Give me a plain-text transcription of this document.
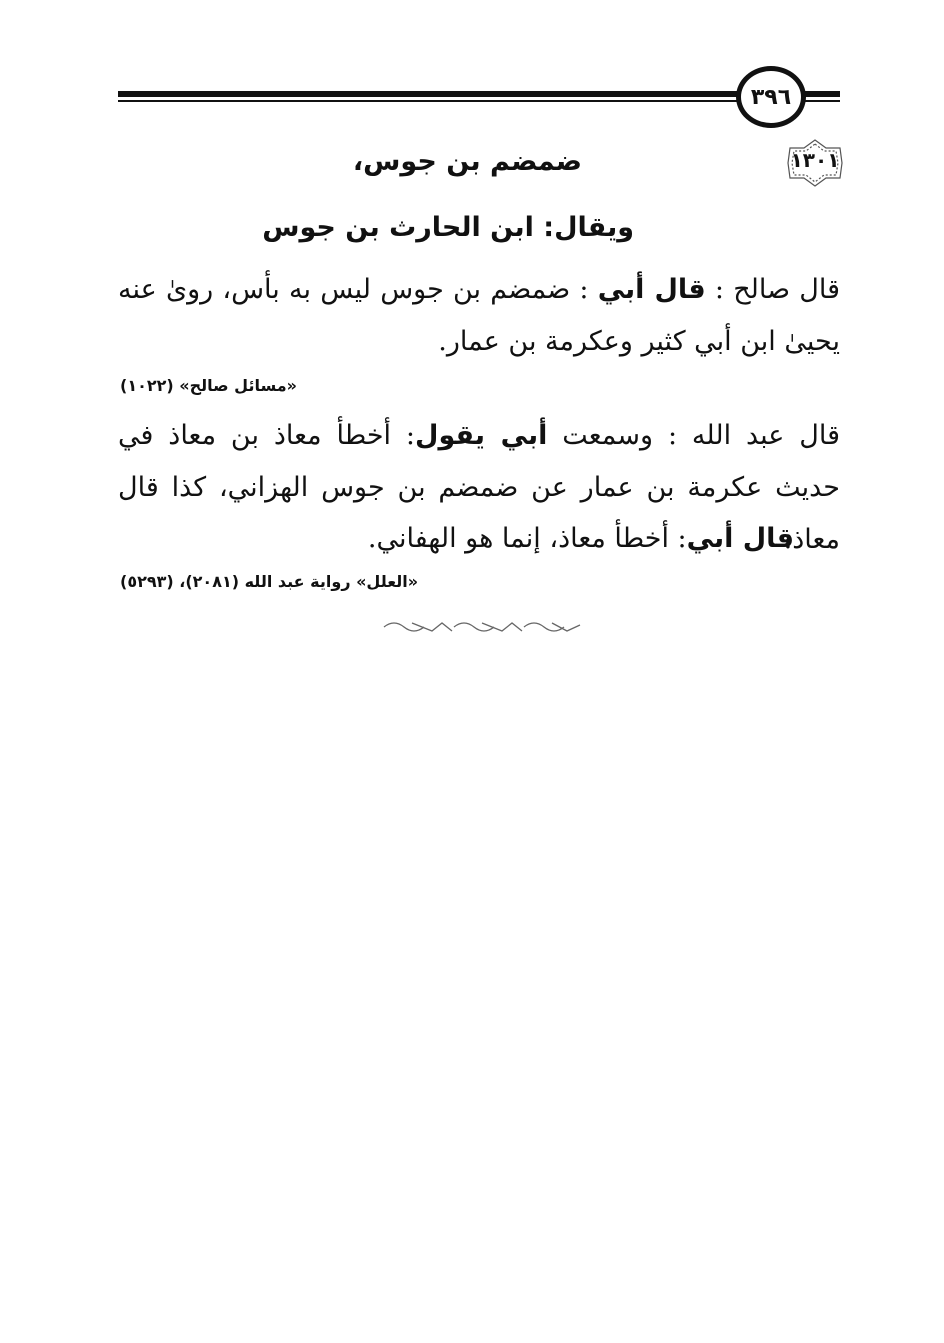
٣٩٦
١٣٠١
ضمضم بن جوس،
ويقال: ابن الحارث بن جوس
قال صالح : قال أبي : ضمضم بن جوس ليس به بأس، روىٰ عنه يحيىٰ ابن أبي كثير وعكرمة بن عمار.
«مسائل صالح» (١٠٢٢)
قال عبد الله : وسمعت أبي يقول: أخطأ معاذ بن معاذ في حديث عكرمة بن عمار عن ضمضم بن جوس الهزاني، كذا قال معاذ.
قال أبي: أخطأ معاذ، إنما هو الهفاني.
«العلل» رواية عبد الله (٢٠٨١)، (٥٢٩٣)
